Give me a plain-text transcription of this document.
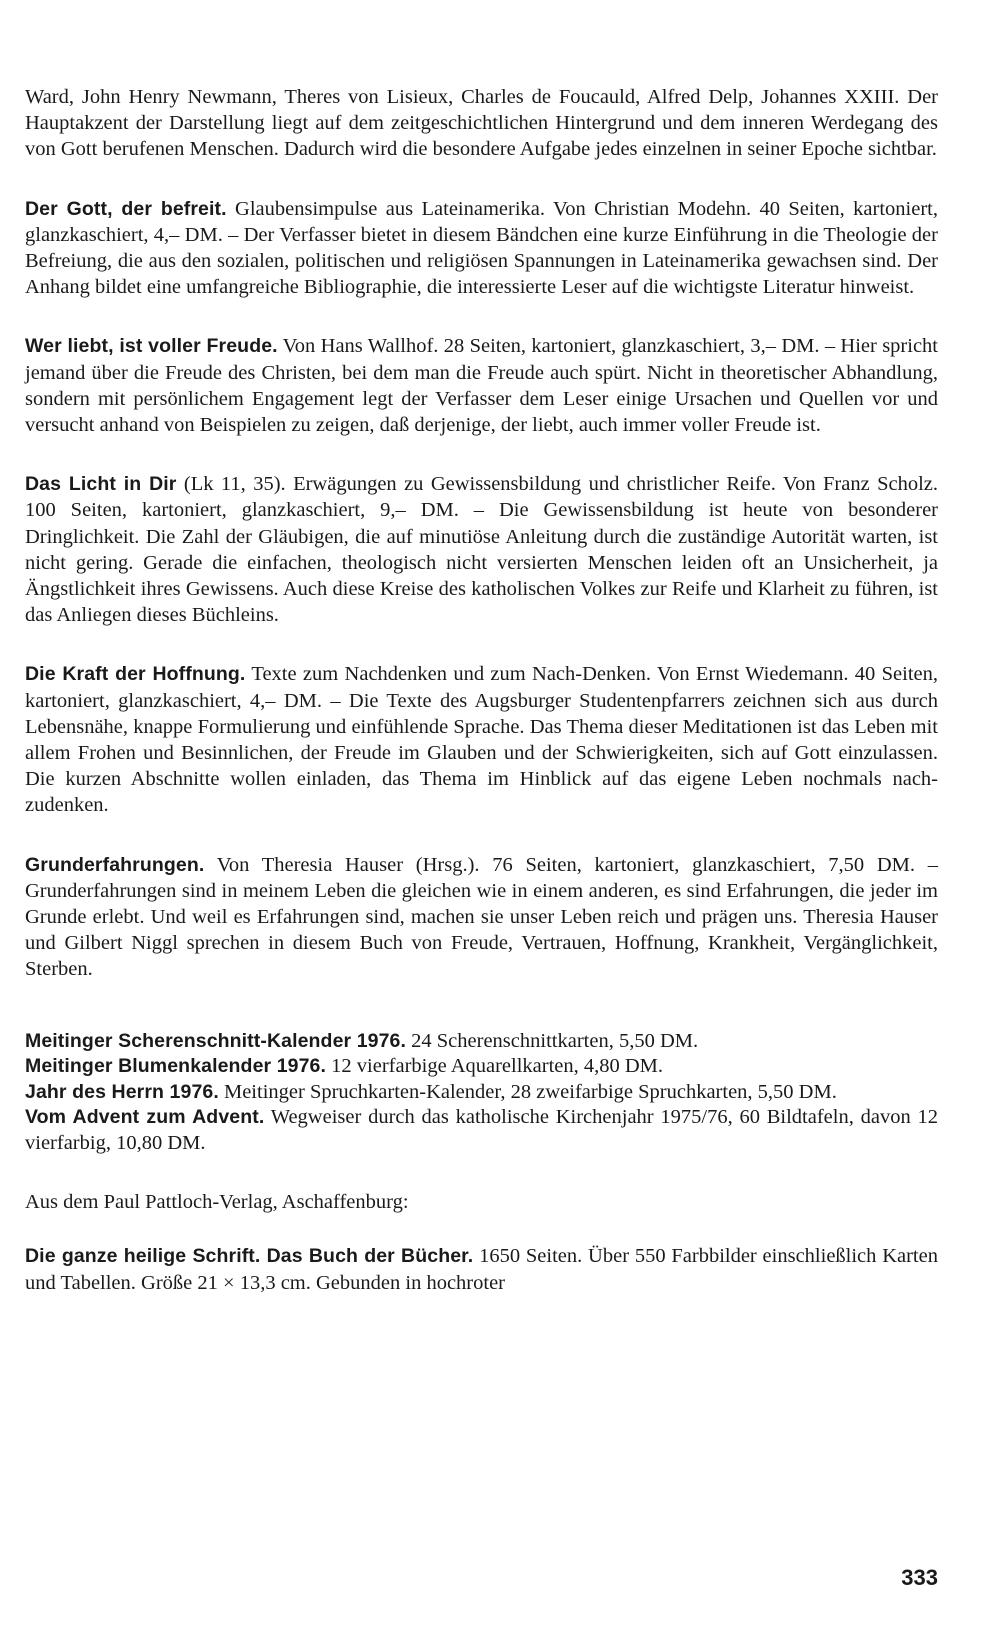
Ward, John Henry Newmann, Theres von Lisieux, Charles de Foucauld, Alfred Delp, Johannes XXIII. Der Hauptakzent der Darstellung liegt auf dem zeitgeschichtlichen Hintergrund und dem inneren Werdegang des von Gott berufenen Menschen. Dadurch wird die besondere Aufgabe jedes einzelnen in seiner Epoche sichtbar.

Der Gott, der befreit. Glaubensimpulse aus Lateinamerika. Von Christian Modehn. 40 Seiten, kartoniert, glanzkaschiert, 4,– DM. – Der Verfasser bietet in diesem Bändchen eine kurze Einführung in die Theologie der Befreiung, die aus den sozialen, politischen und religiösen Spannungen in Lateinamerika gewachsen sind. Der Anhang bildet eine umfangreiche Bibliographie, die interessierte Leser auf die wichtigste Literatur hinweist.

Wer liebt, ist voller Freude. Von Hans Wallhof. 28 Seiten, kartoniert, glanzkaschiert, 3,– DM. – Hier spricht jemand über die Freude des Christen, bei dem man die Freude auch spürt. Nicht in theoretischer Abhandlung, sondern mit persönlichem Engagement legt der Verfasser dem Leser einige Ursachen und Quellen vor und versucht anhand von Beispielen zu zeigen, daß derjenige, der liebt, auch immer voller Freude ist.

Das Licht in Dir (Lk 11, 35). Erwägungen zu Gewissensbildung und christlicher Reife. Von Franz Scholz. 100 Seiten, kartoniert, glanzkaschiert, 9,– DM. – Die Gewissensbildung ist heute von besonderer Dringlichkeit. Die Zahl der Gläubigen, die auf minutiöse Anleitung durch die zuständige Autorität warten, ist nicht gering. Gerade die einfachen, theologisch nicht versierten Menschen leiden oft an Unsicherheit, ja Ängstlichkeit ihres Gewissens. Auch diese Kreise des katholischen Volkes zur Reife und Klarheit zu führen, ist das Anliegen dieses Büchleins.

Die Kraft der Hoffnung. Texte zum Nachdenken und zum Nach-Denken. Von Ernst Wiedemann. 40 Seiten, kartoniert, glanzkaschiert, 4,– DM. – Die Texte des Augsburger Studentenpfarrers zeichnen sich aus durch Lebensnähe, knappe Formulierung und einfühlende Sprache. Das Thema dieser Meditationen ist das Leben mit allem Frohen und Besinnlichen, der Freude im Glauben und der Schwierigkeiten, sich auf Gott einzulassen. Die kurzen Abschnitte wollen einladen, das Thema im Hinblick auf das eigene Leben nochmals nach-zudenken.

Grunderfahrungen. Von Theresia Hauser (Hrsg.). 76 Seiten, kartoniert, glanzkaschiert, 7,50 DM. – Grunderfahrungen sind in meinem Leben die gleichen wie in einem anderen, es sind Erfahrungen, die jeder im Grunde erlebt. Und weil es Erfahrungen sind, machen sie unser Leben reich und prägen uns. Theresia Hauser und Gilbert Niggl sprechen in diesem Buch von Freude, Vertrauen, Hoffnung, Krankheit, Vergänglichkeit, Sterben.

Meitinger Scherenschnitt-Kalender 1976. 24 Scherenschnittkarten, 5,50 DM.

Meitinger Blumenkalender 1976. 12 vierfarbige Aquarellkarten, 4,80 DM.

Jahr des Herrn 1976. Meitinger Spruchkarten-Kalender, 28 zweifarbige Spruchkarten, 5,50 DM.

Vom Advent zum Advent. Wegweiser durch das katholische Kirchenjahr 1975/76, 60 Bildtafeln, davon 12 vierfarbig, 10,80 DM.

Aus dem Paul Pattloch-Verlag, Aschaffenburg:

Die ganze heilige Schrift. Das Buch der Bücher. 1650 Seiten. Über 550 Farbbilder einschließlich Karten und Tabellen. Größe 21 × 13,3 cm. Gebunden in hochroter

333
